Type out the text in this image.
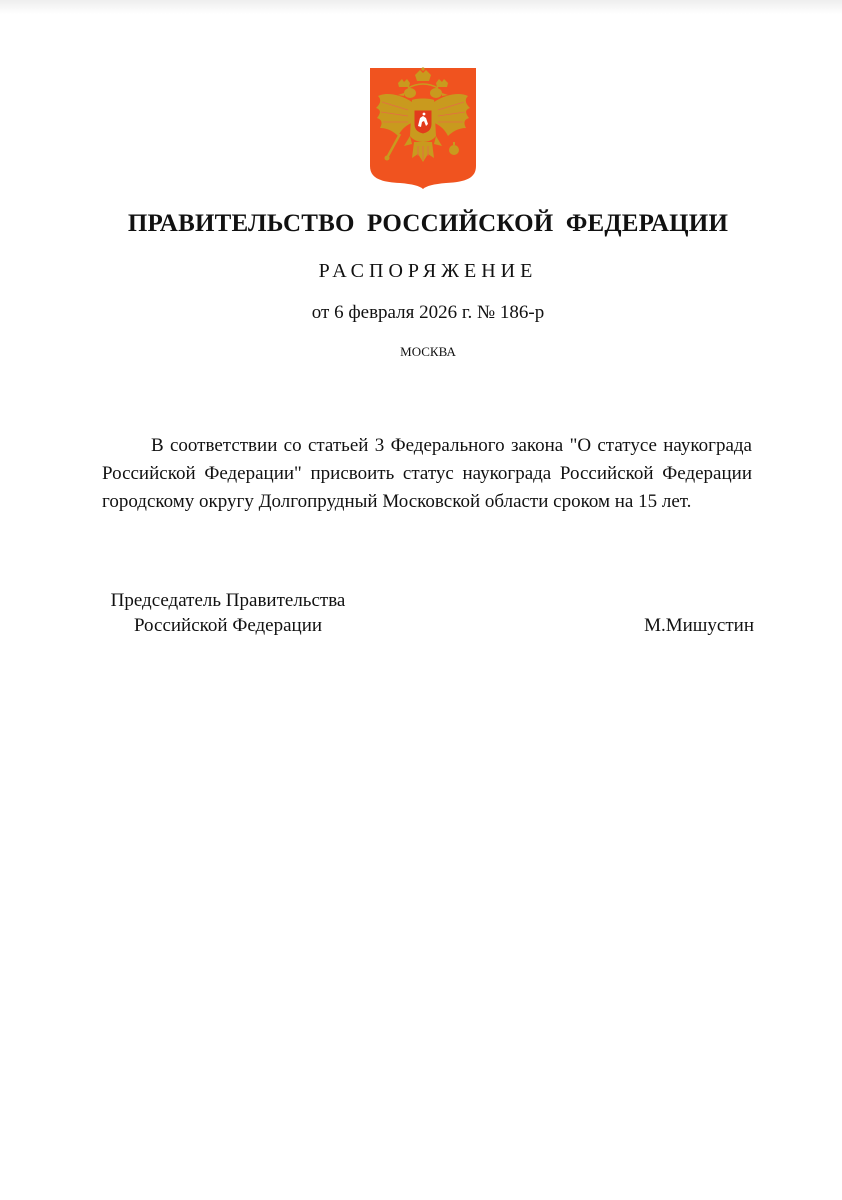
ПРАВИТЕЛЬСТВО РОССИЙСКОЙ ФЕДЕРАЦИИ
РАСПОРЯЖЕНИЕ
от 6 февраля 2026 г. № 186-р
МОСКВА

В соответствии со статьей 3 Федерального закона "О статусе наукограда Российской Федерации" присвоить статус наукограда Российской Федерации городскому округу Долгопрудный Московской области сроком на 15 лет.

Председатель Правительства
Российской Федерации	М.Мишустин
